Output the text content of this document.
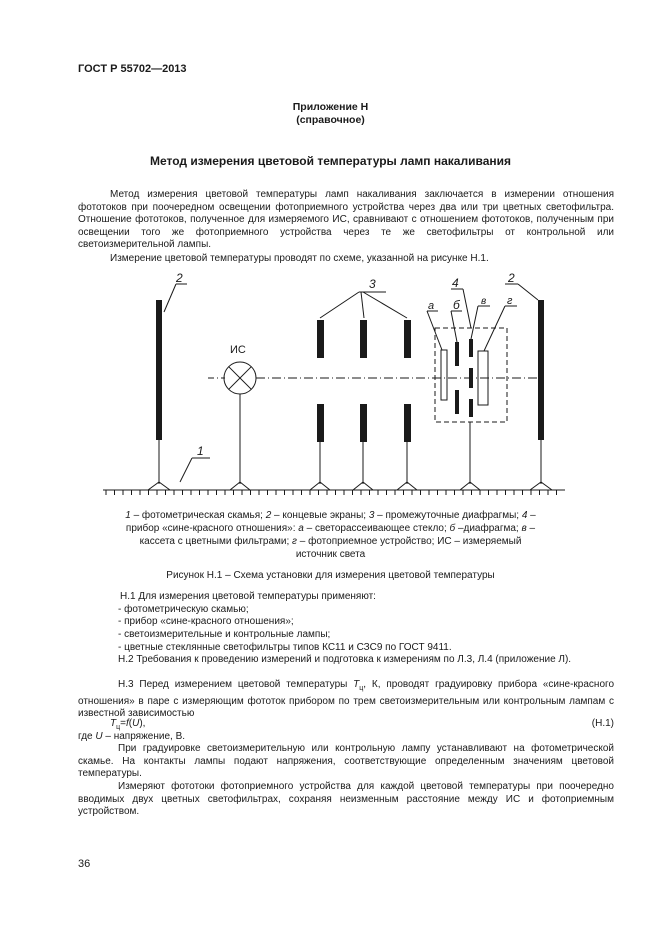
ГОСТ Р 55702—2013
Приложение Н
(справочное)
Метод измерения цветовой температуры ламп накаливания
Метод измерения цветовой температуры ламп накаливания заключается в измерении отношения фототоков при поочередном освещении фотоприемного устройства через два или три цветных светофильтра. Отношение фототоков, полученное для измеряемого ИС, сравнивают с отношением фототоков, полученным при освещении того же фотоприемного устройства через те же светофильтры от контрольной или светоизмерительной лампы.
Измерение цветовой температуры проводят по схеме, указанной на рисунке Н.1.
2	2
1
3	4
а б в г
ИС
1 – фотометрическая скамья; 2 – концевые экраны; 3 – промежуточные диафрагмы; 4 – прибор «сине-красного отношения»: а – светорассеивающее стекло; б –диафрагма; в – кассета с цветными фильтрами; г – фотоприемное устройство; ИС – измеряемый источник света
Рисунок Н.1 – Схема установки для измерения цветовой температуры
Н.1 Для измерения цветовой температуры применяют:
- фотометрическую скамью;
- прибор «сине-красного отношения»;
- светоизмерительные и контрольные лампы;
- цветные стеклянные светофильтры типов КС11 и СЗС9 по ГОСТ 9411.
Н.2 Требования к проведению измерений и подготовка к измерениям по Л.3, Л.4 (приложение Л).
Н.3 Перед измерением цветовой температуры $T_ц$, К, проводят градуировку прибора «сине-красного отношения» в паре с измеряющим фототок прибором по трем светоизмерительным или контрольным лампам с известной зависимостью
$T_ц=f(U)$,	(Н.1)
где U – напряжение, В.
При градуировке светоизмерительную или контрольную лампу устанавливают на фотометрической скамье. На контакты лампы подают напряжения, соответствующие определенным значениям цветовой температуры.
Измеряют фототоки фотоприемного устройства для каждой цветовой температуры при поочередно вводимых двух цветных светофильтрах, сохраняя неизменным расстояние между ИС и фотоприемным устройством.
36
